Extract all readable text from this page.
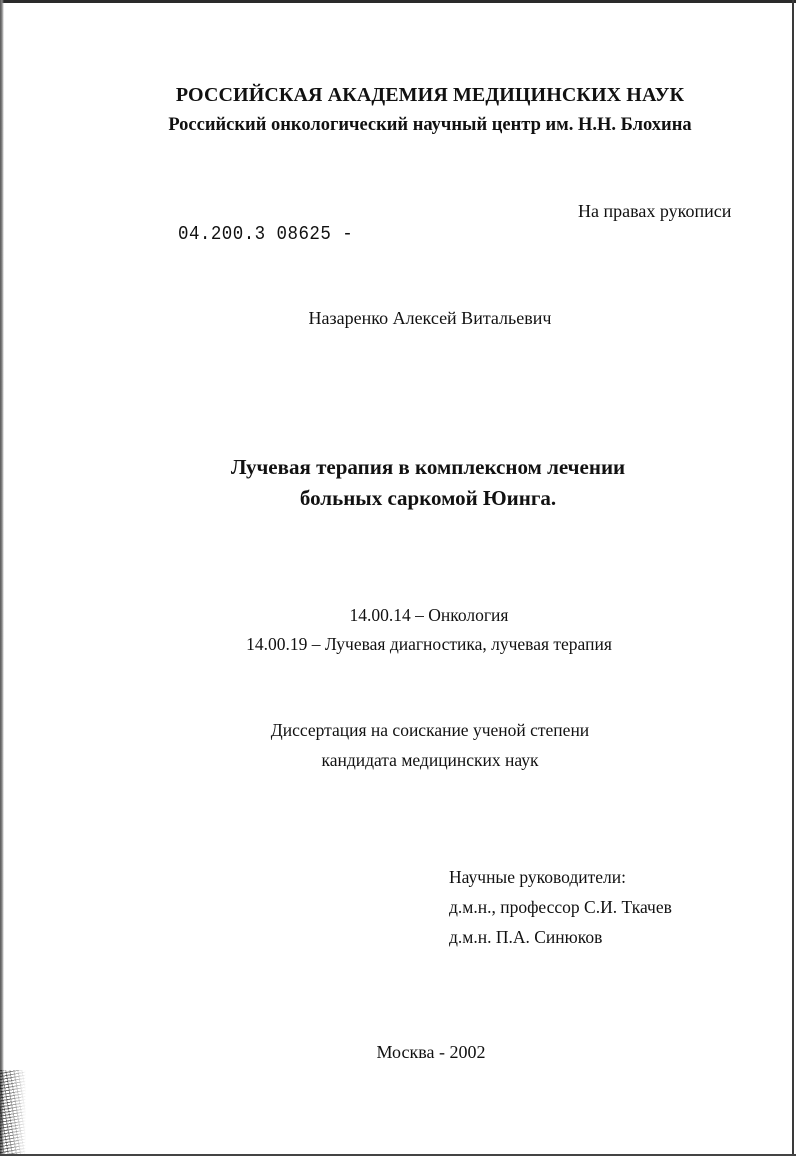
РОССИЙСКАЯ АКАДЕМИЯ МЕДИЦИНСКИХ НАУК
Российский онкологический научный центр им. Н.Н. Блохина
На правах рукописи
04.200.3 08625 -
Назаренко Алексей Витальевич
Лучевая терапия в комплексном лечении
больных саркомой Юинга.
14.00.14 – Онкология
14.00.19 – Лучевая диагностика, лучевая терапия
Диссертация на соискание ученой степени
кандидата медицинских наук
Научные руководители:
д.м.н., профессор С.И. Ткачев
д.м.н. П.А. Синюков
Москва - 2002
